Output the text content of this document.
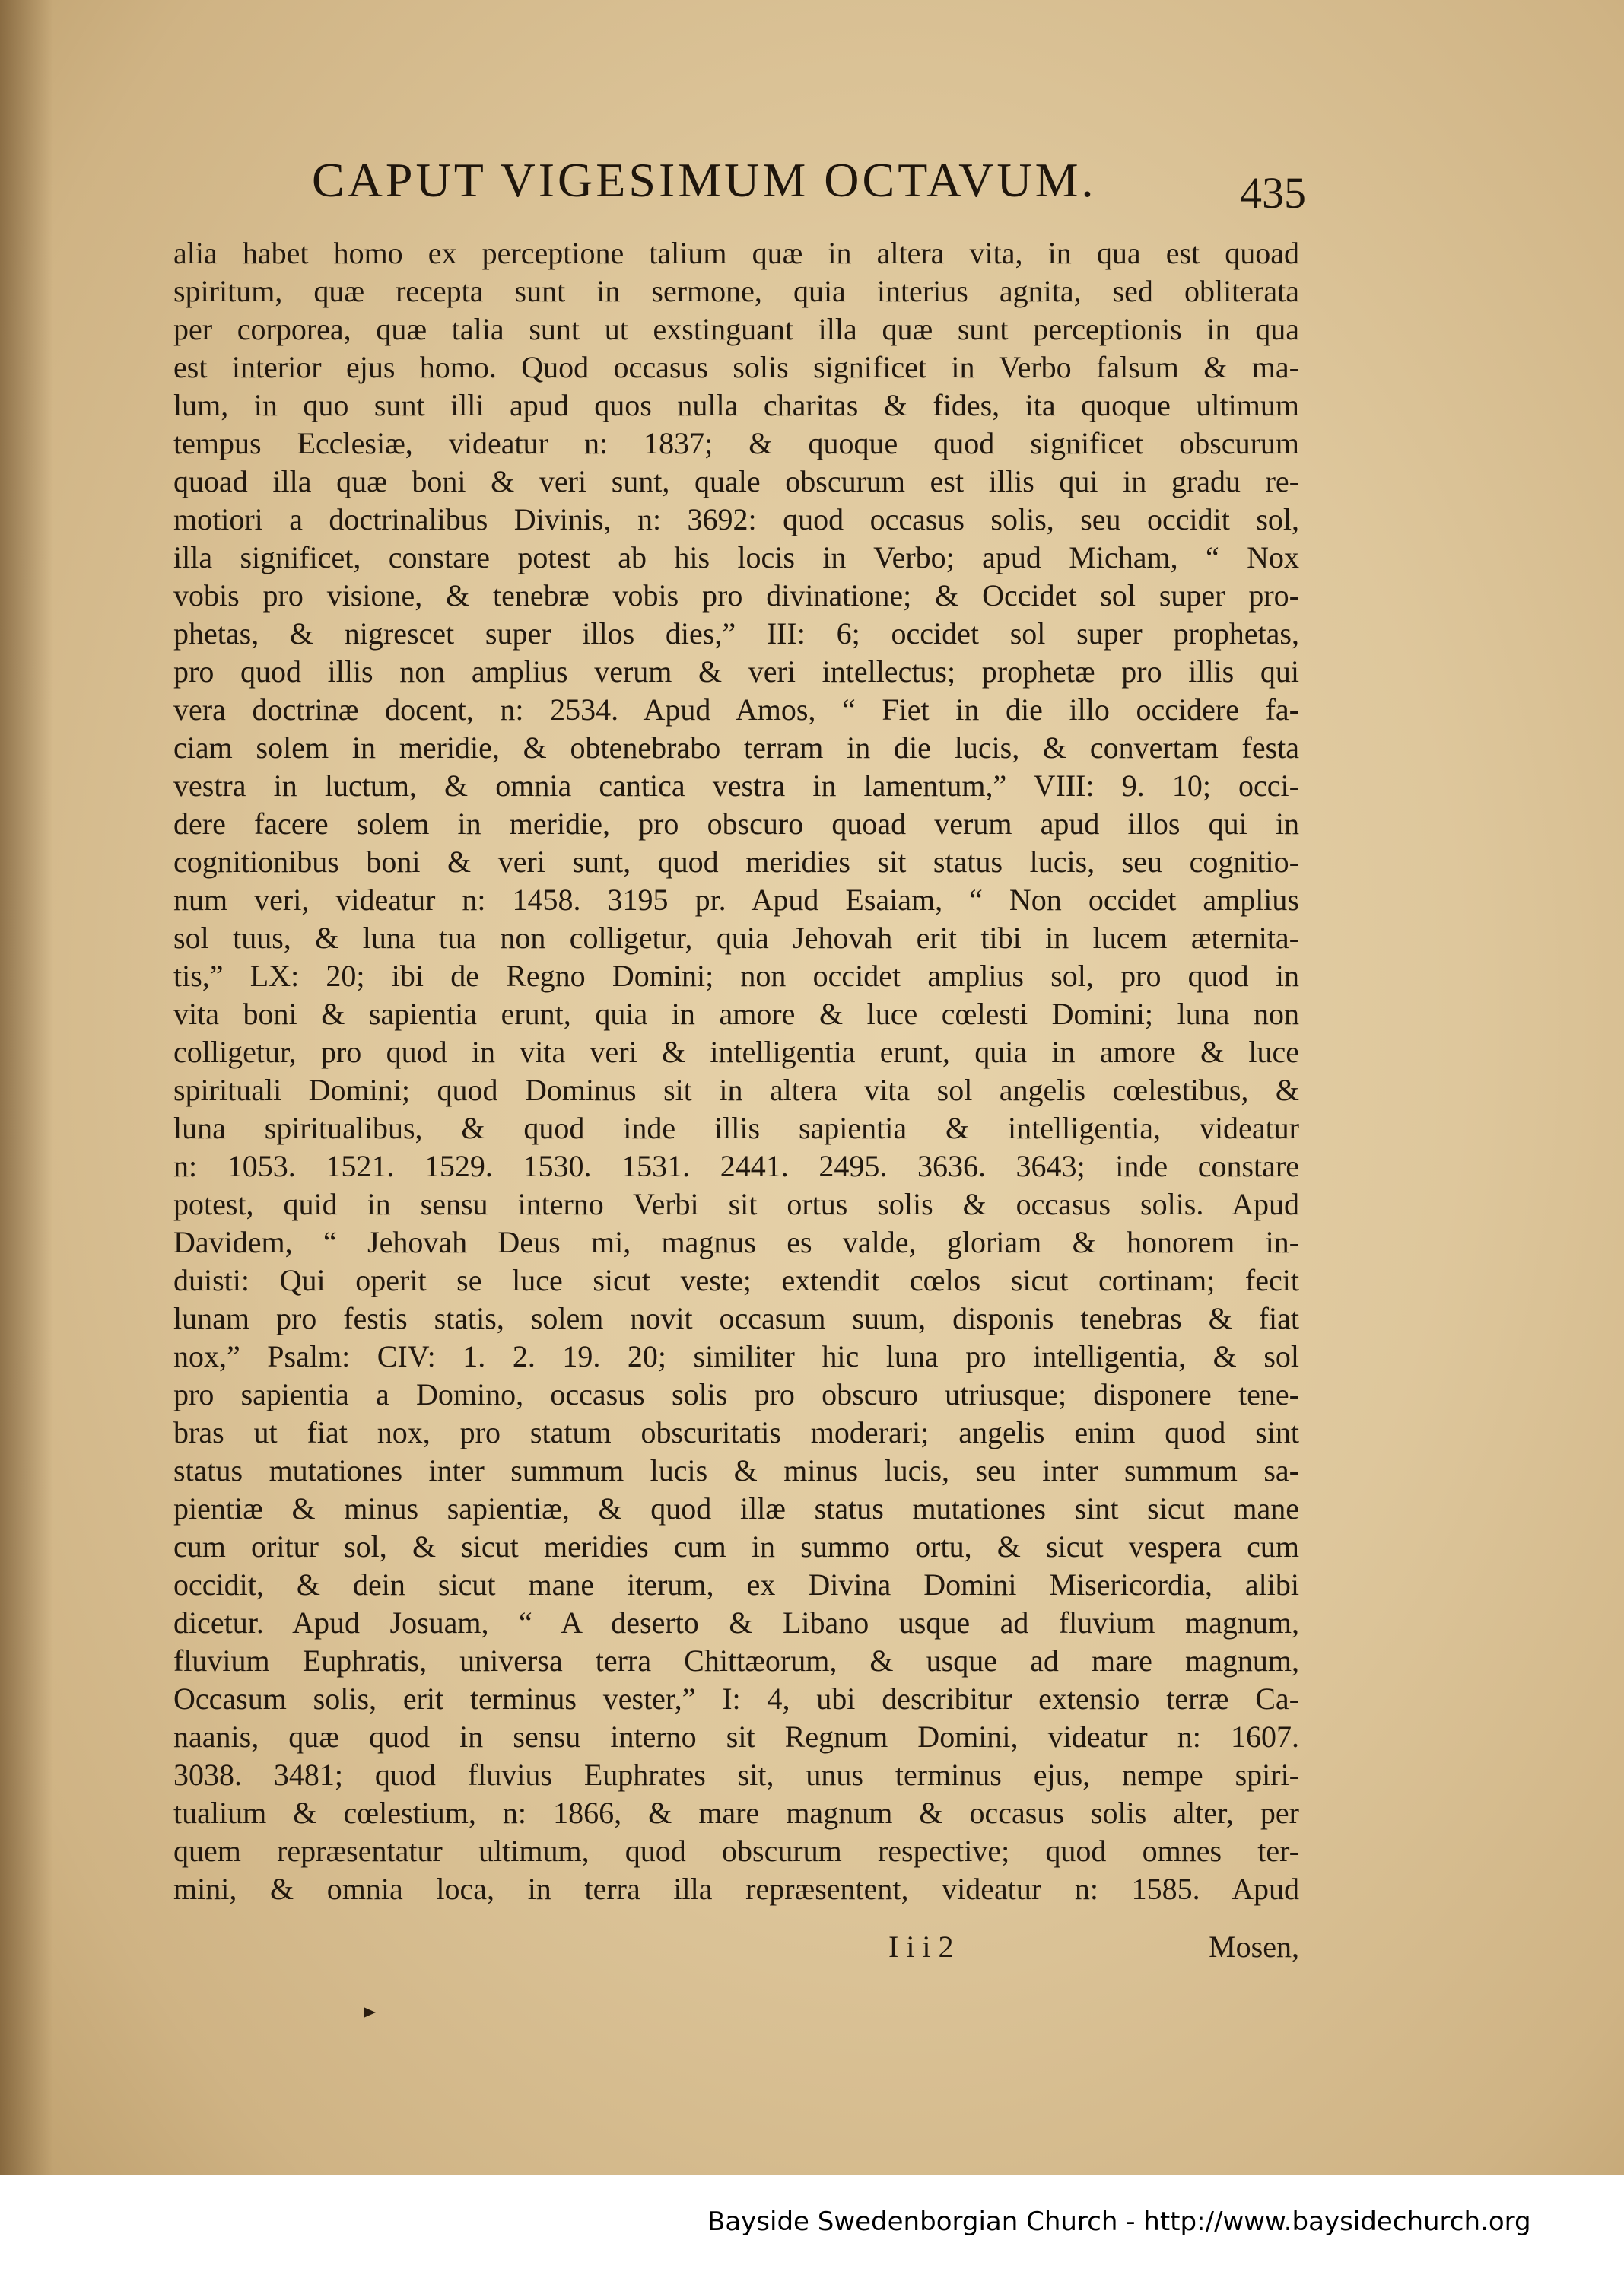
CAPUT VIGESIMUM OCTAVUM.	435
alia habet homo ex perceptione talium quæ in altera vita, in qua est quoad
spiritum, quæ recepta sunt in sermone, quia interius agnita, sed obliterata
per corporea, quæ talia sunt ut exstinguant illa quæ sunt perceptionis in qua
est interior ejus homo. Quod occasus solis significet in Verbo falsum & ma-
lum, in quo sunt illi apud quos nulla charitas & fides, ita quoque ultimum
tempus Ecclesiæ, videatur n: 1837; & quoque quod significet obscurum
quoad illa quæ boni & veri sunt, quale obscurum est illis qui in gradu re-
motiori a doctrinalibus Divinis, n: 3692: quod occasus solis, seu occidit sol,
illa significet, constare potest ab his locis in Verbo; apud Micham, “ Nox
vobis pro visione, & tenebræ vobis pro divinatione; & Occidet sol super pro-
phetas, & nigrescet super illos dies,” III: 6; occidet sol super prophetas,
pro quod illis non amplius verum & veri intellectus; prophetæ pro illis qui
vera doctrinæ docent, n: 2534. Apud Amos, “ Fiet in die illo occidere fa-
ciam solem in meridie, & obtenebrabo terram in die lucis, & convertam festa
vestra in luctum, & omnia cantica vestra in lamentum,” VIII: 9. 10; occi-
dere facere solem in meridie, pro obscuro quoad verum apud illos qui in
cognitionibus boni & veri sunt, quod meridies sit status lucis, seu cognitio-
num veri, videatur n: 1458. 3195 pr. Apud Esaiam, “ Non occidet amplius
sol tuus, & luna tua non colligetur, quia Jehovah erit tibi in lucem æternita-
tis,” LX: 20; ibi de Regno Domini; non occidet amplius sol, pro quod in
vita boni & sapientia erunt, quia in amore & luce cœlesti Domini; luna non
colligetur, pro quod in vita veri & intelligentia erunt, quia in amore & luce
spirituali Domini; quod Dominus sit in altera vita sol angelis cœlestibus, &
luna spiritualibus, & quod inde illis sapientia & intelligentia, videatur
n: 1053. 1521. 1529. 1530. 1531. 2441. 2495. 3636. 3643; inde constare
potest, quid in sensu interno Verbi sit ortus solis & occasus solis. Apud
Davidem, “ Jehovah Deus mi, magnus es valde, gloriam & honorem in-
duisti: Qui operit se luce sicut veste; extendit cœlos sicut cortinam; fecit
lunam pro festis statis, solem novit occasum suum, disponis tenebras & fiat
nox,” Psalm: CIV: 1. 2. 19. 20; similiter hic luna pro intelligentia, & sol
pro sapientia a Domino, occasus solis pro obscuro utriusque; disponere tene-
bras ut fiat nox, pro statum obscuritatis moderari; angelis enim quod sint
status mutationes inter summum lucis & minus lucis, seu inter summum sa-
pientiæ & minus sapientiæ, & quod illæ status mutationes sint sicut mane
cum oritur sol, & sicut meridies cum in summo ortu, & sicut vespera cum
occidit, & dein sicut mane iterum, ex Divina Domini Misericordia, alibi
dicetur. Apud Josuam, “ A deserto & Libano usque ad fluvium magnum,
fluvium Euphratis, universa terra Chittæorum, & usque ad mare magnum,
Occasum solis, erit terminus vester,” I: 4, ubi describitur extensio terræ Ca-
naanis, quæ quod in sensu interno sit Regnum Domini, videatur n: 1607.
3038. 3481; quod fluvius Euphrates sit, unus terminus ejus, nempe spiri-
tualium & cœlestium, n: 1866, & mare magnum & occasus solis alter, per
quem repræsentatur ultimum, quod obscurum respective; quod omnes ter-
mini, & omnia loca, in terra illa repræsentent, videatur n: 1585. Apud
I i i 2	Mosen,
Bayside Swedenborgian Church - http://www.baysidechurch.org
